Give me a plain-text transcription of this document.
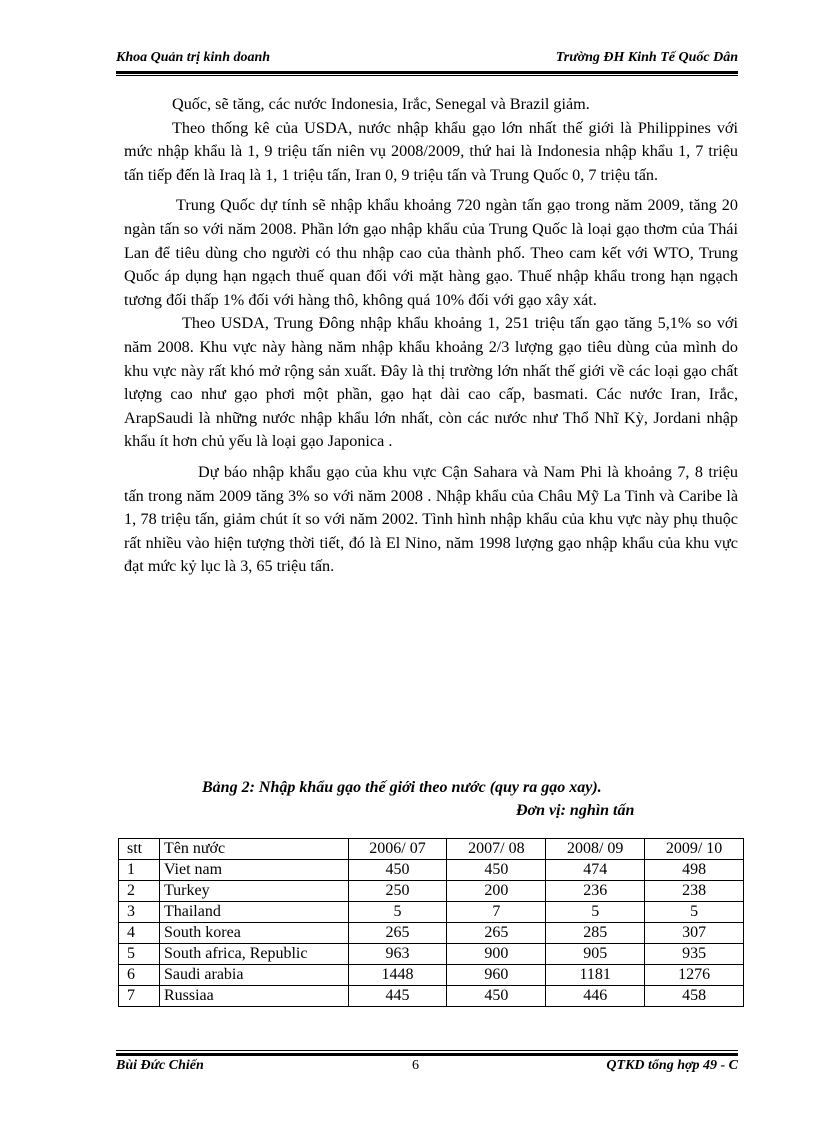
Khoa Quản trị kinh doanh	Trường ĐH Kinh Tế Quốc Dân

Quốc, sẽ tăng, các nước Indonesia, Irắc, Senegal và Brazil giảm.

Theo thống kê của USDA, nước nhập khẩu gạo lớn nhất thế giới là Philippines với mức nhập khẩu là 1, 9 triệu tấn niên vụ 2008/2009, thứ hai là Indonesia nhập khẩu 1, 7 triệu tấn tiếp đến là Iraq là 1, 1 triệu tấn, Iran 0, 9 triệu tấn và Trung Quốc 0, 7 triệu tấn.

Trung Quốc dự tính sẽ nhập khẩu khoảng 720 ngàn tấn gạo trong năm 2009, tăng 20 ngàn tấn so với năm 2008. Phần lớn gạo nhập khẩu của Trung Quốc là loại gạo thơm của Thái Lan để tiêu dùng cho người có thu nhập cao của thành phố. Theo cam kết với WTO, Trung Quốc áp dụng hạn ngạch thuế quan đối với mặt hàng gạo. Thuế nhập khẩu trong hạn ngạch tương đối thấp 1% đối với hàng thô, không quá 10% đối với gạo xây xát.

Theo USDA, Trung Đông nhập khẩu khoảng 1, 251 triệu tấn gạo tăng 5,1% so với năm 2008. Khu vực này hàng năm nhập khẩu khoảng 2/3 lượng gạo tiêu dùng của mình do khu vực này rất khó mở rộng sản xuất. Đây là thị trường lớn nhất thế giới về các loại gạo chất lượng cao như gạo phơi một phần, gạo hạt dài cao cấp, basmati. Các nước Iran, Irắc, ArapSaudi là những nước nhập khẩu lớn nhất, còn các nước như Thổ Nhĩ Kỳ, Jordani nhập khẩu ít hơn chủ yếu là loại gạo Japonica .

Dự báo nhập khẩu gạo của khu vực Cận Sahara và Nam Phi là khoảng 7, 8 triệu tấn trong năm 2009 tăng 3% so với năm 2008 . Nhập khẩu của Châu Mỹ La Tinh và Caribe là 1, 78 triệu tấn, giảm chút ít so với năm 2002. Tình hình nhập khẩu của khu vực này phụ thuộc rất nhiều vào hiện tượng thời tiết, đó là El Nino, năm 1998 lượng gạo nhập khẩu của khu vực đạt mức kỷ lục là 3, 65 triệu tấn.

Bảng 2: Nhập khẩu gạo thế giới theo nước (quy ra gạo xay).
Đơn vị: nghìn tấn
stt	Tên nước	2006/ 07	2007/ 08	2008/ 09	2009/ 10
1	Viet nam	450	450	474	498
2	Turkey	250	200	236	238
3	Thailand	5	7	5	5
4	South korea	265	265	285	307
5	South africa, Republic	963	900	905	935
6	Saudi arabia	1448	960	1181	1276
7	Russiaa	445	450	446	458
Bùi Đức Chiến	6	QTKD tổng hợp 49 - C
